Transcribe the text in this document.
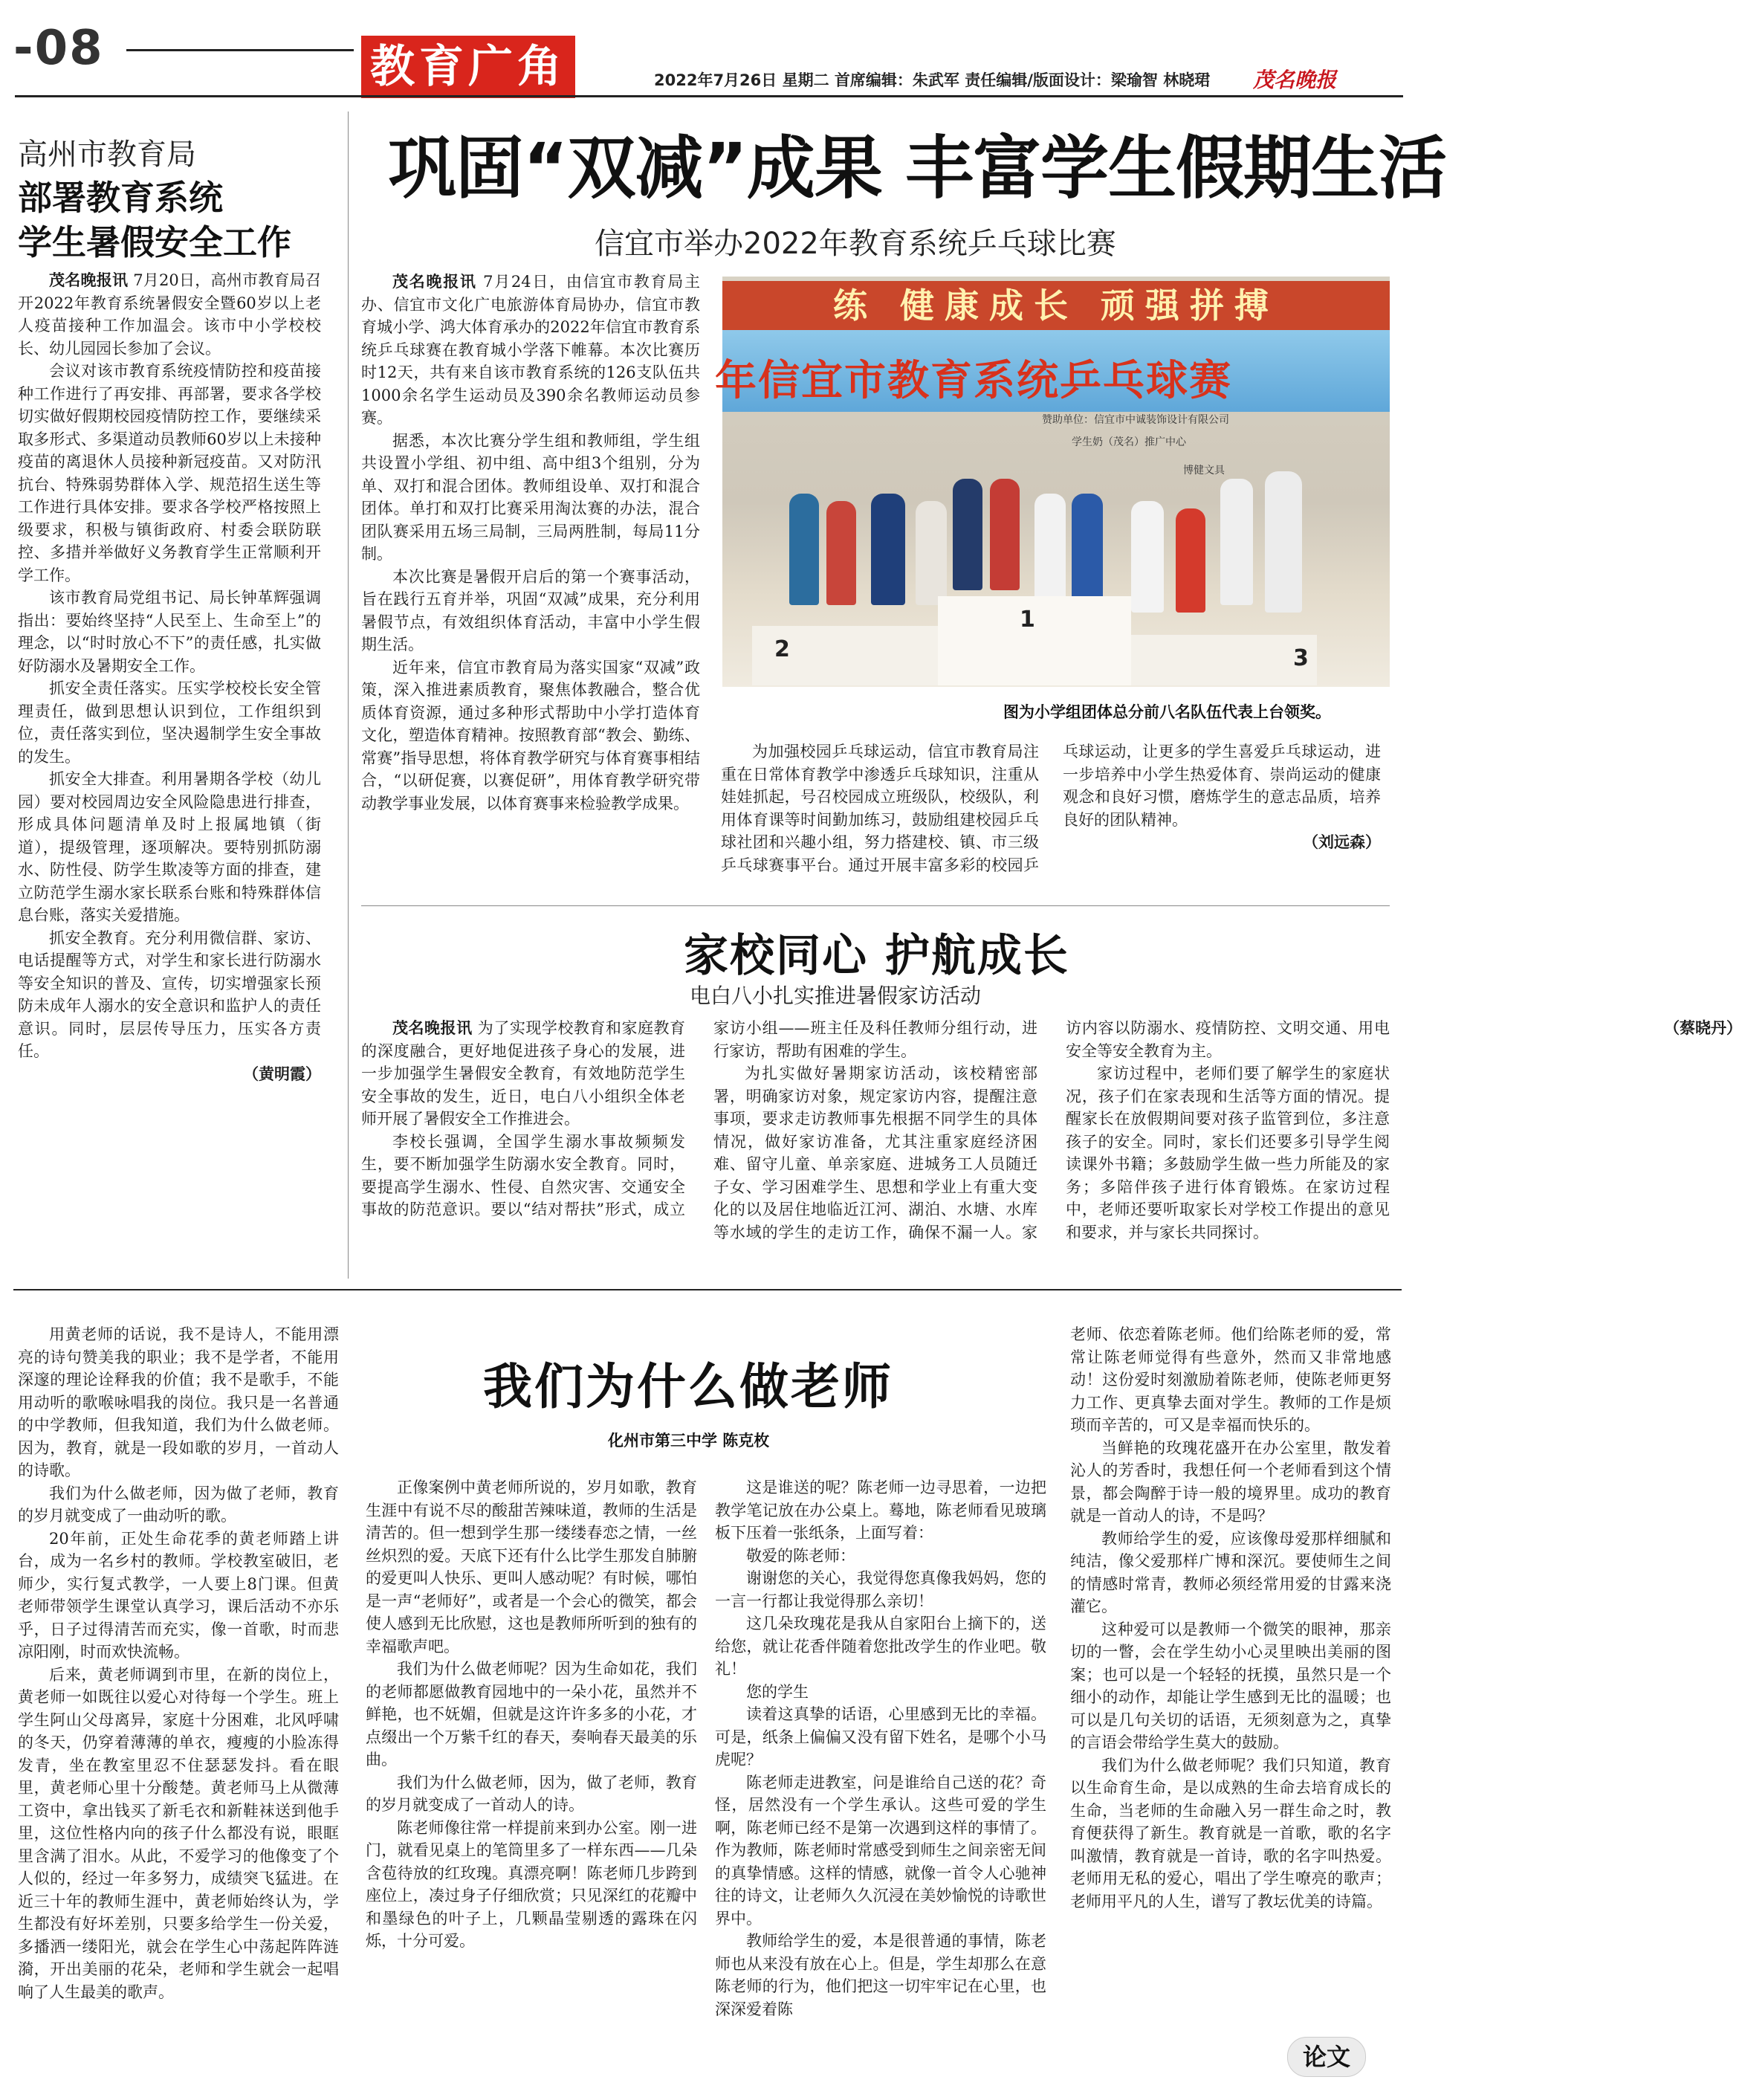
-08	教育广角	2022年7月26日 星期二 首席编辑：朱武军 责任编辑/版面设计：梁瑜智 林晓珺 茂名晚报
高州市教育局
部署教育系统
学生暑假安全工作

茂名晚报讯 7月20日，高州市教育局召开2022年教育系统暑假安全暨60岁以上老人疫苗接种工作加温会。该市中小学校校长、幼儿园园长参加了会议。

会议对该市教育系统疫情防控和疫苗接种工作进行了再安排、再部署，要求各学校切实做好假期校园疫情防控工作，要继续采取多形式、多渠道动员教师60岁以上未接种疫苗的离退休人员接种新冠疫苗。又对防汛抗台、特殊弱势群体入学、规范招生送生等工作进行具体安排。要求各学校严格按照上级要求，积极与镇街政府、村委会联防联控、多措并举做好义务教育学生正常顺利开学工作。

该市教育局党组书记、局长钟革辉强调指出：要始终坚持“人民至上、生命至上”的理念，以“时时放心不下”的责任感，扎实做好防溺水及暑期安全工作。

抓安全责任落实。压实学校校长安全管理责任，做到思想认识到位，工作组织到位，责任落实到位，坚决遏制学生安全事故的发生。

抓安全大排查。利用暑期各学校（幼儿园）要对校园周边安全风险隐患进行排查，形成具体问题清单及时上报属地镇（街道），提级管理，逐项解决。要特别抓防溺水、防性侵、防学生欺凌等方面的排查，建立防范学生溺水家长联系台账和特殊群体信息台账，落实关爱措施。

抓安全教育。充分利用微信群、家访、电话提醒等方式，对学生和家长进行防溺水等安全知识的普及、宣传，切实增强家长预防未成年人溺水的安全意识和监护人的责任意识。同时，层层传导压力，压实各方责任。

（黄明霞）

巩固“双减”成果 丰富学生假期生活
信宜市举办2022年教育系统乒乓球比赛

茂名晚报讯 7月24日，由信宜市教育局主办、信宜市文化广电旅游体育局协办，信宜市教育城小学、鸿大体育承办的2022年信宜市教育系统乒乓球赛在教育城小学落下帷幕。本次比赛历时12天，共有来自该市教育系统的126支队伍共1000余名学生运动员及390余名教师运动员参赛。

据悉，本次比赛分学生组和教师组，学生组共设置小学组、初中组、高中组3个组别，分为单、双打和混合团体。教师组设单、双打和混合团体。单打和双打比赛采用淘汰赛的办法，混合团队赛采用五场三局制，三局两胜制，每局11分制。

本次比赛是暑假开启后的第一个赛事活动，旨在践行五育并举，巩固“双减”成果，充分利用暑假节点，有效组织体育活动，丰富中小学生假期生活。

近年来，信宜市教育局为落实国家“双减”政策，深入推进素质教育，聚焦体教融合，整合优质体育资源，通过多种形式帮助中小学打造体育文化，塑造体育精神。按照教育部“教会、勤练、常赛”指导思想，将体育教学研究与体育赛事相结合，“以研促赛，以赛促研”，用体育教学研究带动教学事业发展，以体育赛事来检验教学成果。

为加强校园乒乓球运动，信宜市教育局注重在日常体育教学中渗透乒乓球知识，注重从娃娃抓起，号召校园成立班级队，校级队，利用体育课等时间勤加练习，鼓励组建校园乒乓球社团和兴趣小组，努力搭建校、镇、市三级乒乓球赛事平台。通过开展丰富多彩的校园乒乓球运动，让更多的学生喜爱乒乓球运动，进一步培养中小学生热爱体育、崇尚运动的健康观念和良好习惯，磨炼学生的意志品质，培养良好的团队精神。

（刘远森）

练 健康成长 顽强拼搏
年信宜市教育系统乒乓球赛
赞助单位：信宜市中诚装饰设计有限公司
学生奶（茂名）推广中心
博健文具
2
1
3
图为小学组团体总分前八名队伍代表上台领奖。
家校同心 护航成长
电白八小扎实推进暑假家访活动

茂名晚报讯 为了实现学校教育和家庭教育的深度融合，更好地促进孩子身心的发展，进一步加强学生暑假安全教育，有效地防范学生安全事故的发生，近日，电白八小组织全体老师开展了暑假安全工作推进会。

李校长强调，全国学生溺水事故频频发生，要不断加强学生防溺水安全教育。同时，要提高学生溺水、性侵、自然灾害、交通安全事故的防范意识。要以“结对帮扶”形式，成立家访小组——班主任及科任教师分组行动，进行家访，帮助有困难的学生。

为扎实做好暑期家访活动，该校精密部署，明确家访对象，规定家访内容，提醒注意事项，要求走访教师事先根据不同学生的具体情况，做好家访准备，尤其注重家庭经济困难、留守儿童、单亲家庭、进城务工人员随迁子女、学习困难学生、思想和学业上有重大变化的以及居住地临近江河、湖泊、水塘、水库等水域的学生的走访工作，确保不漏一人。家访内容以防溺水、疫情防控、文明交通、用电安全等安全教育为主。

家访过程中，老师们要了解学生的家庭状况，孩子们在家表现和生活等方面的情况。提醒家长在放假期间要对孩子监管到位，多注意孩子的安全。同时，家长们还要多引导学生阅读课外书籍；多鼓励学生做一些力所能及的家务；多陪伴孩子进行体育锻炼。在家访过程中，老师还要听取家长对学校工作提出的意见和要求，并与家长共同探讨。

（蔡晓丹）

我们为什么做老师
化州市第三中学 陈克枚

用黄老师的话说，我不是诗人，不能用漂亮的诗句赞美我的职业；我不是学者，不能用深邃的理论诠释我的价值；我不是歌手，不能用动听的歌喉咏唱我的岗位。我只是一名普通的中学教师，但我知道，我们为什么做老师。因为，教育，就是一段如歌的岁月，一首动人的诗歌。

我们为什么做老师，因为做了老师，教育的岁月就变成了一曲动听的歌。

20年前，正处生命花季的黄老师踏上讲台，成为一名乡村的教师。学校教室破旧，老师少，实行复式教学，一人要上8门课。但黄老师带领学生课堂认真学习，课后活动不亦乐乎，日子过得清苦而充实，像一首歌，时而悲凉阳刚，时而欢快流畅。

后来，黄老师调到市里，在新的岗位上，黄老师一如既往以爱心对待每一个学生。班上学生阿山父母离异，家庭十分困难，北风呼啸的冬天，仍穿着薄薄的单衣，瘦瘦的小脸冻得发青，坐在教室里忍不住瑟瑟发抖。看在眼里，黄老师心里十分酸楚。黄老师马上从微薄工资中，拿出钱买了新毛衣和新鞋袜送到他手里，这位性格内向的孩子什么都没有说，眼眶里含满了泪水。从此，不爱学习的他像变了个人似的，经过一年多努力，成绩突飞猛进。在近三十年的教师生涯中，黄老师始终认为，学生都没有好坏差别，只要多给学生一份关爱，多播洒一缕阳光，就会在学生心中荡起阵阵涟漪，开出美丽的花朵，老师和学生就会一起唱响了人生最美的歌声。

正像案例中黄老师所说的，岁月如歌，教育生涯中有说不尽的酸甜苦辣味道，教师的生活是清苦的。但一想到学生那一缕缕春恋之情，一丝丝炽烈的爱。天底下还有什么比学生那发自肺腑的爱更叫人快乐、更叫人感动呢？有时候，哪怕是一声“老师好”，或者是一个会心的微笑，都会使人感到无比欣慰，这也是教师所听到的独有的幸福歌声吧。

我们为什么做老师呢？因为生命如花，我们的老师都愿做教育园地中的一朵小花，虽然并不鲜艳，也不妩媚，但就是这许许多多的小花，才点缀出一个万紫千红的春天，奏响春天最美的乐曲。

我们为什么做老师，因为，做了老师，教育的岁月就变成了一首动人的诗。

陈老师像往常一样提前来到办公室。刚一进门，就看见桌上的笔筒里多了一样东西——几朵含苞待放的红玫瑰。真漂亮啊！陈老师几步跨到座位上，凑过身子仔细欣赏；只见深红的花瓣中和墨绿色的叶子上，几颗晶莹剔透的露珠在闪烁，十分可爱。

这是谁送的呢？陈老师一边寻思着，一边把教学笔记放在办公桌上。蓦地，陈老师看见玻璃板下压着一张纸条，上面写着：

敬爱的陈老师：

谢谢您的关心，我觉得您真像我妈妈，您的一言一行都让我觉得那么亲切！

这几朵玫瑰花是我从自家阳台上摘下的，送给您，就让花香伴随着您批改学生的作业吧。敬礼！

您的学生

读着这真挚的话语，心里感到无比的幸福。可是，纸条上偏偏又没有留下姓名，是哪个小马虎呢？

陈老师走进教室，问是谁给自己送的花？奇怪，居然没有一个学生承认。这些可爱的学生啊，陈老师已经不是第一次遇到这样的事情了。作为教师，陈老师时常感受到师生之间亲密无间的真挚情感。这样的情感，就像一首令人心驰神往的诗文，让老师久久沉浸在美妙愉悦的诗歌世界中。

教师给学生的爱，本是很普通的事情，陈老师也从来没有放在心上。但是，学生却那么在意陈老师的行为，他们把这一切牢牢记在心里，也深深爱着陈

老师、依恋着陈老师。他们给陈老师的爱，常常让陈老师觉得有些意外，然而又非常地感动！这份爱时刻激励着陈老师，使陈老师更努力工作、更真挚去面对学生。教师的工作是烦琐而辛苦的，可又是幸福而快乐的。

当鲜艳的玫瑰花盛开在办公室里，散发着沁人的芳香时，我想任何一个老师看到这个情景，都会陶醉于诗一般的境界里。成功的教育就是一首动人的诗，不是吗？

教师给学生的爱，应该像母爱那样细腻和纯洁，像父爱那样广博和深沉。要使师生之间的情感时常青，教师必须经常用爱的甘露来浇灌它。

这种爱可以是教师一个微笑的眼神，那亲切的一瞥，会在学生幼小心灵里映出美丽的图案；也可以是一个轻轻的抚摸，虽然只是一个细小的动作，却能让学生感到无比的温暖；也可以是几句关切的话语，无须刻意为之，真挚的言语会带给学生莫大的鼓励。

我们为什么做老师呢？我们只知道，教育以生命育生命，是以成熟的生命去培育成长的生命，当老师的生命融入另一群生命之时，教育便获得了新生。教育就是一首歌，歌的名字叫激情，教育就是一首诗，歌的名字叫热爱。老师用无私的爱心，唱出了学生嘹亮的歌声；老师用平凡的人生，谱写了教坛优美的诗篇。

论文
